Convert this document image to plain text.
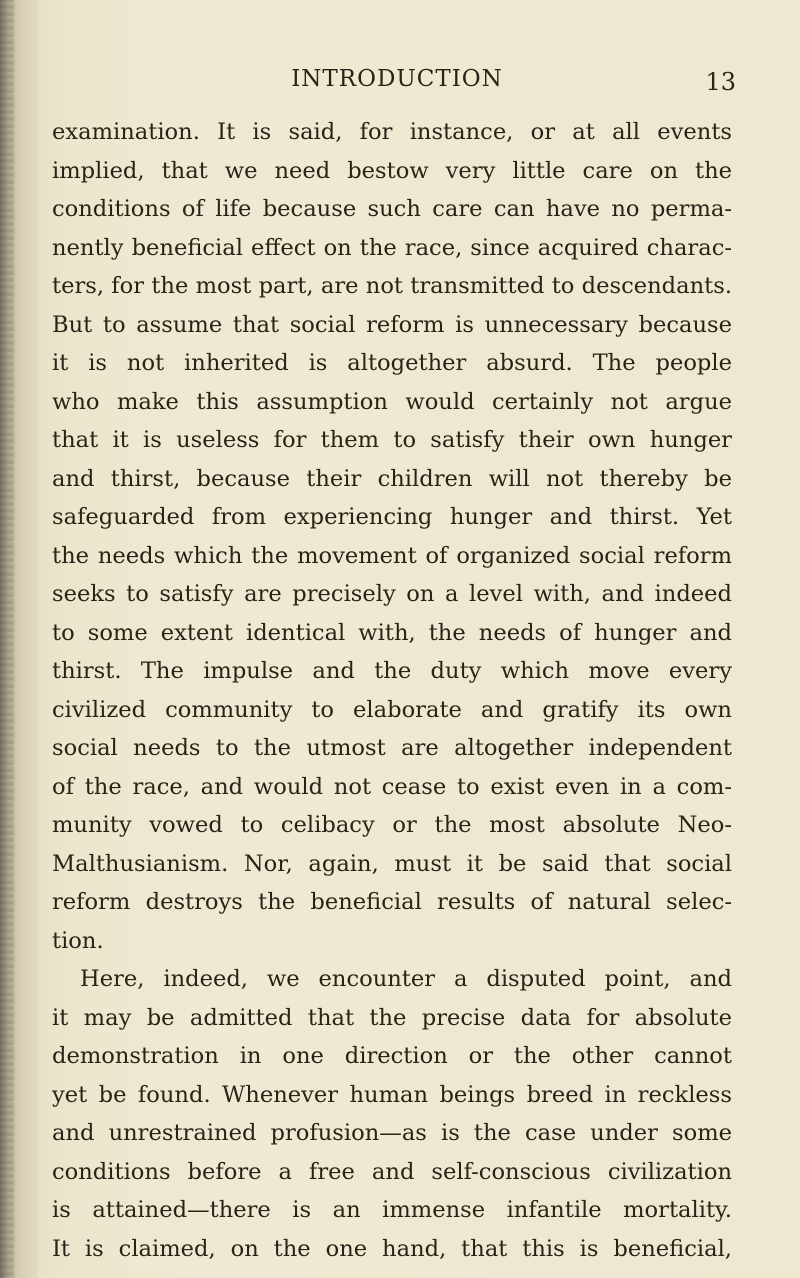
INTRODUCTION	13
examination. It is said, for instance, or at all events
implied, that we need bestow very little care on the
conditions of life because such care can have no perma-
nently beneficial effect on the race, since acquired charac-
ters, for the most part, are not transmitted to descendants.
But to assume that social reform is unnecessary because
it is not inherited is altogether absurd. The people
who make this assumption would certainly not argue
that it is useless for them to satisfy their own hunger
and thirst, because their children will not thereby be
safeguarded from experiencing hunger and thirst. Yet
the needs which the movement of organized social reform
seeks to satisfy are precisely on a level with, and indeed
to some extent identical with, the needs of hunger and
thirst. The impulse and the duty which move every
civilized community to elaborate and gratify its own
social needs to the utmost are altogether independent
of the race, and would not cease to exist even in a com-
munity vowed to celibacy or the most absolute Neo-
Malthusianism. Nor, again, must it be said that social
reform destroys the beneficial results of natural selec-
tion.
Here, indeed, we encounter a disputed point, and
it may be admitted that the precise data for absolute
demonstration in one direction or the other cannot
yet be found. Whenever human beings breed in reckless
and unrestrained profusion—as is the case under some
conditions before a free and self-conscious civilization
is attained—there is an immense infantile mortality.
It is claimed, on the one hand, that this is beneficial,
